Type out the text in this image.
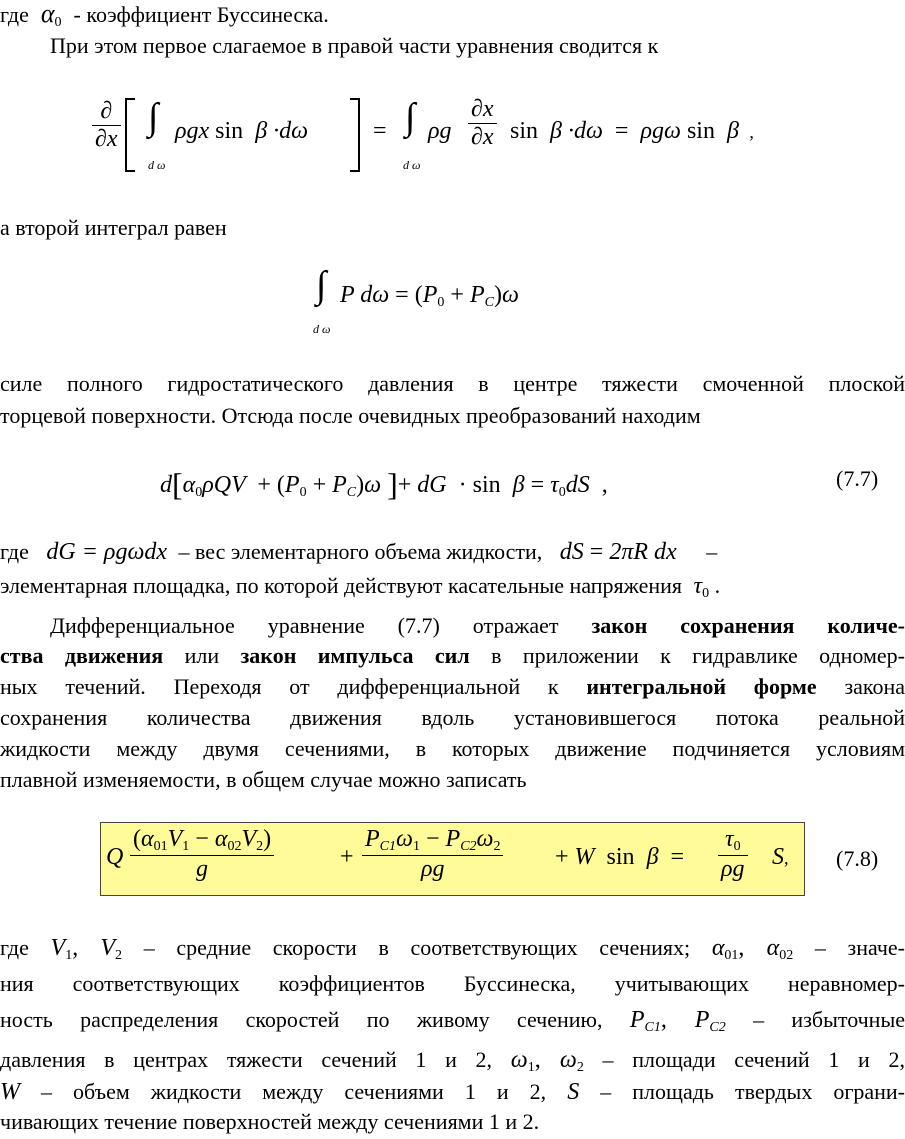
где  $\alpha_0$ - коэффициент Буссинеска.
При этом первое слагаемое в правой части уравнения сводится к
∂
∂x
∫
d ω
ρgx sin  β ·dω	= ∫
d ω
ρg $\frac{\partial x}{\partial x}$ sin  β ·dω  =  ρgω sin  β  ,
а второй интеграл равен
∫
d ω
P $d\omega = (P_0 + P_C)\omega$
силе полного гидростатического давления в центре тяжести смоченной плоской
торцевой поверхности. Отсюда после очевидных преобразований находим
$d[\alpha_0\rho QV + (P_0 + P_C)\omega$ ]+ dG  · $\sin \beta = \tau_0dS$  ,	(7.7)
где   dG = ρgωdx  – вес элементарного объема жидкости,   dS = 2πR dx     –
элементарная площадка, по которой действуют касательные напряжения  $\tau_0$ .
Дифференциальное уравнение (7.7) отражает закон сохранения количе-
ства движения или закон импульса сил в приложении к гидравлике одномер-
ных течений. Переходя от дифференциальной к интегральной форме закона
сохранения количества движения вдоль установившегося потока реальной
жидкости между двумя сечениями, в которых движение подчиняется условиям
плавной изменяемости, в общем случае можно записать
Q $\frac{(\alpha_{01}V_1 - \alpha_{02}V_2)}{g}$	+ $\frac{P_{C1}\omega_1 - P_{C2}\omega_2}{\rho g} + W$  $\sin \beta = \frac{\tau_0}{\rho g} S$, (7.8)
где $V_1$, $V_2$ – средние скорости в соответствующих сечениях; $\alpha_{01}$, $\alpha_{02}$ – значе-
ния соответствующих коэффициентов Буссинеска, учитывающих неравномер-
ность распределения скоростей по живому сечению, $P_{C1}$, $P_{C2}$ – избыточные
давления в центрах тяжести сечений 1 и 2, $\omega_1$, $\omega_2$ – площади сечений 1 и 2,
W – объем жидкости между сечениями 1 и 2, S – площадь твердых ограни-
чивающих течение поверхностей между сечениями 1 и 2.
